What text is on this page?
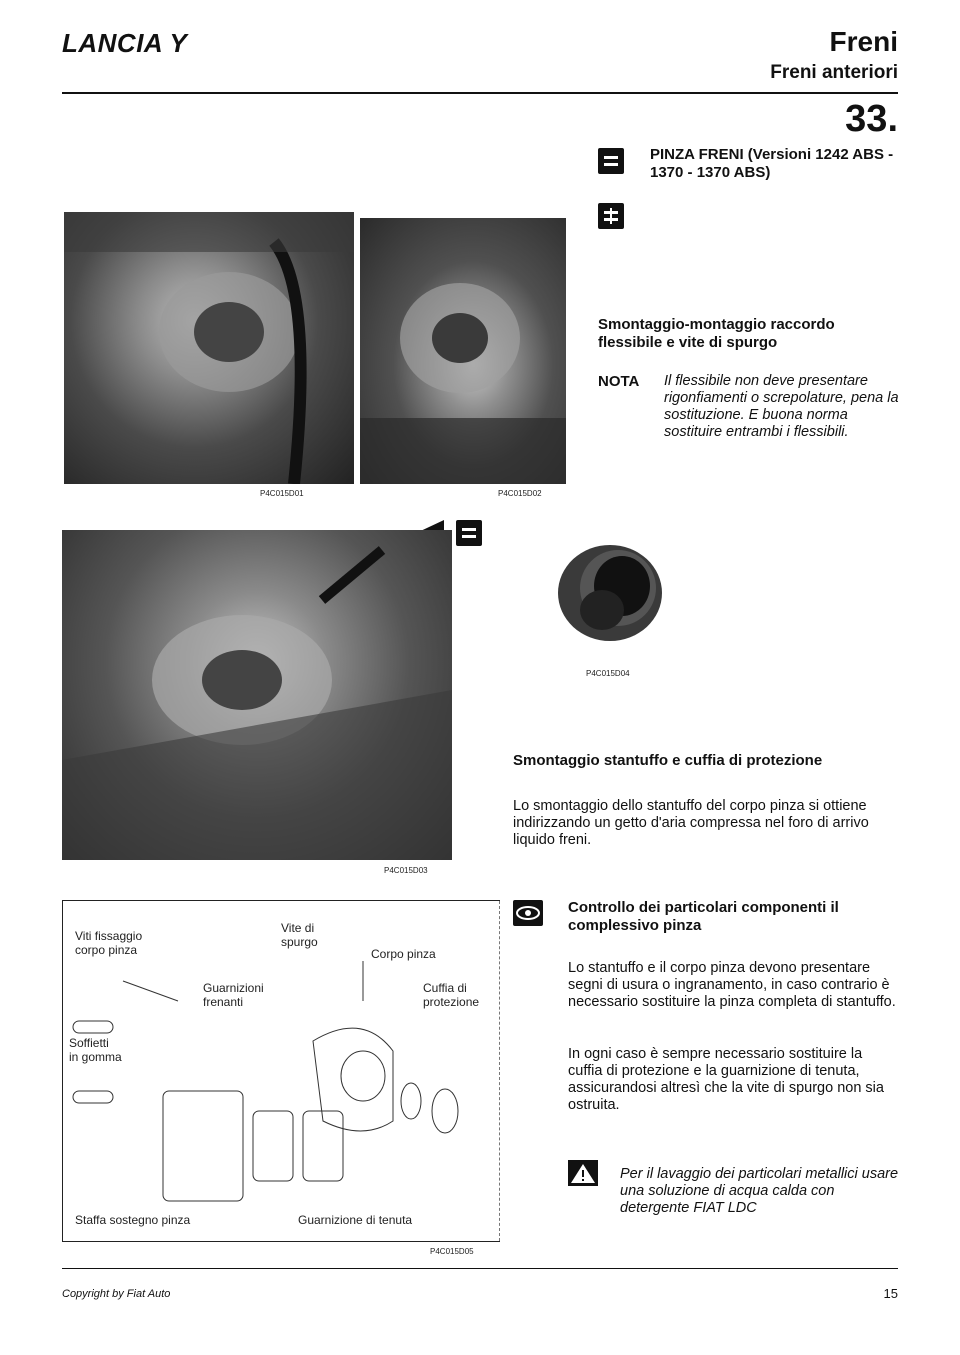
LANCIA Y	Freni
Freni anteriori
33.
P4C015D01	P4C015D02
PINZA FRENI (Versioni 1242 ABS - 1370 - 1370 ABS)
Smontaggio-montaggio raccordo flessibile e vite di spurgo
NOTA Il flessibile non deve presentare rigonfiamenti o screpolature, pena la sostituzione. E buona norma sostituire entrambi i flessibili.
P4C015D03
P4C015D04
Smontaggio stantuffo e cuffia di protezione
Lo smontaggio dello stantuffo del corpo pinza si ottiene indirizzando un getto d'aria compressa nel foro di arrivo liquido freni.
Controllo dei particolari componenti il complessivo pinza
Lo stantuffo e il corpo pinza devono presentare segni di usura o ingranamento, in caso contrario è necessario sostituire la pinza completa di stantuffo.
In ogni caso è sempre necessario sostituire la cuffia di protezione e la guarnizione di tenuta, assicurandosi altresì che la vite di spurgo non sia ostruita.
Per il lavaggio dei particolari metallici usare una soluzione di acqua calda con detergente FIAT LDC
Viti fissaggio
corpo pinza
Vite di
spurgo
Corpo pinza
Guarnizioni
frenanti
Cuffia di
protezione
Soffietti
in gomma
Staffa sostegno pinza	Guarnizione di tenuta
P4C015D05
Copyright by Fiat Auto	15
